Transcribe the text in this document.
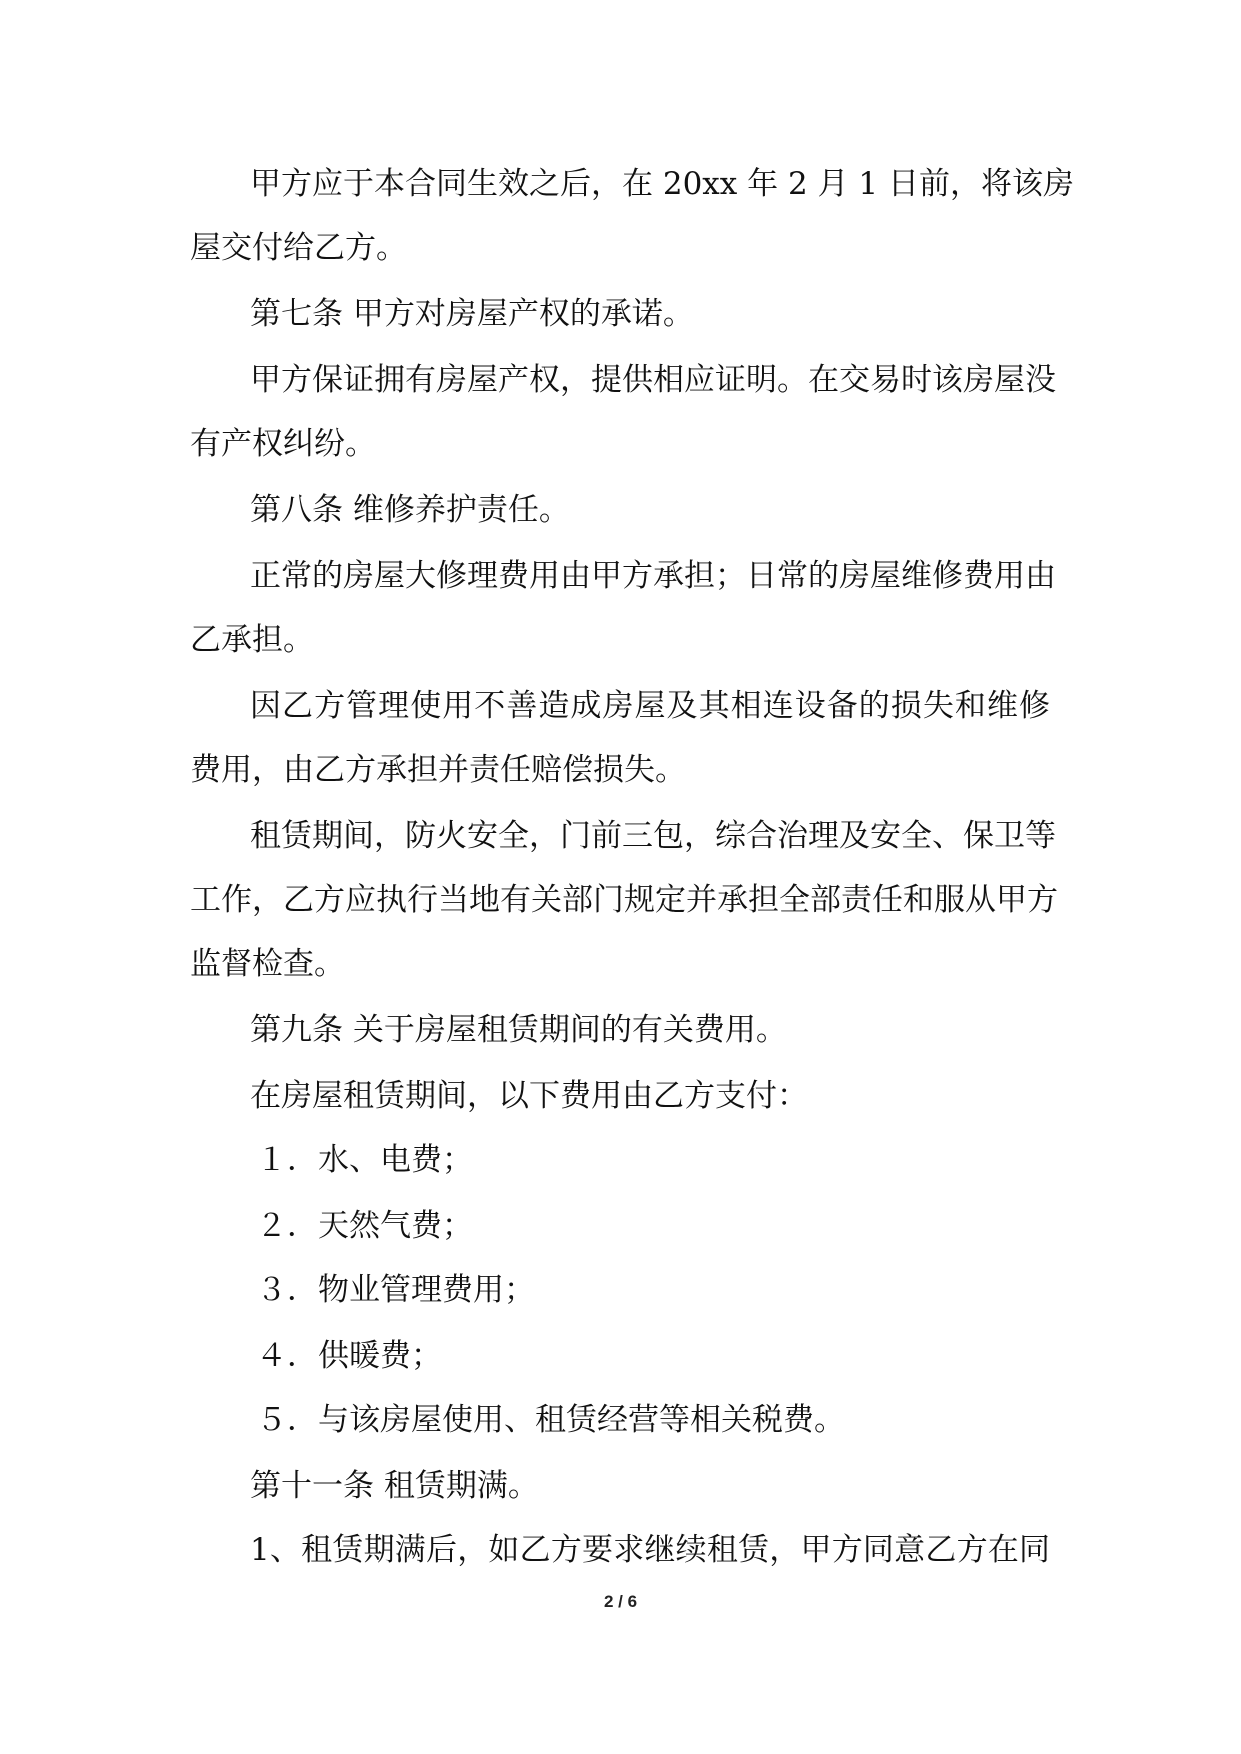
甲方应于本合同生效之后，在 20xx 年 2 月 1 日前，将该房
屋交付给乙方。
第七条 甲方对房屋产权的承诺。
甲方保证拥有房屋产权，提供相应证明。在交易时该房屋没
有产权纠纷。
第八条 维修养护责任。
正常的房屋大修理费用由甲方承担；日常的房屋维修费用由
乙承担。
因乙方管理使用不善造成房屋及其相连设备的损失和维修
费用，由乙方承担并责任赔偿损失。
租赁期间，防火安全，门前三包，综合治理及安全、保卫等
工作，乙方应执行当地有关部门规定并承担全部责任和服从甲方
监督检查。
第九条 关于房屋租赁期间的有关费用。
在房屋租赁期间，以下费用由乙方支付：
１．水、电费；
２．天然气费；
３．物业管理费用；
４．供暖费；
５．与该房屋使用、租赁经营等相关税费。
第十一条 租赁期满。
1、租赁期满后，如乙方要求继续租赁，甲方同意乙方在同
2 / 6
